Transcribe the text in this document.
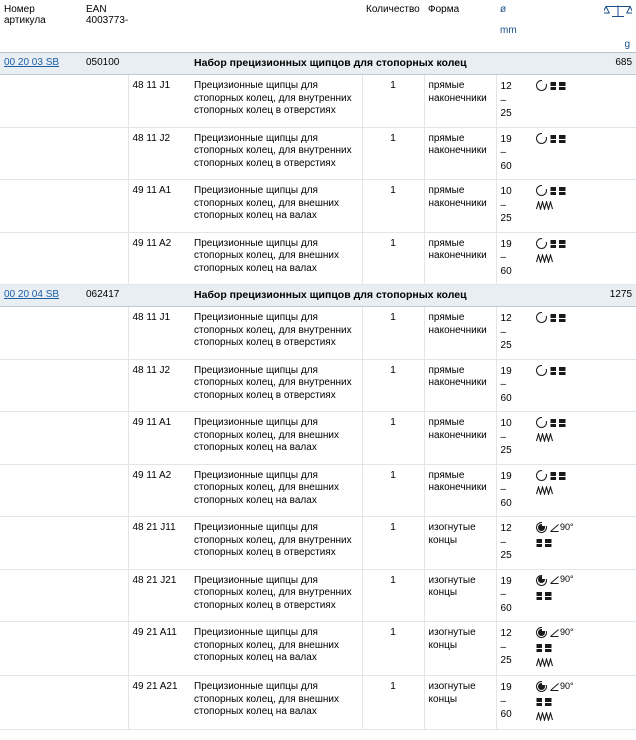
Номер
артикула	EAN
4003773-			Количество	Форма	ø
mm		g

00 20 03 SB	050100		Набор прецизионных щипцов для стопорных колец					685
		48 11 J1	Прецизионные щипцы для стопорных колец, для внутренних стопорных колец в отверстиях	1	прямые наконечники	12
–
25

		48 11 J2	Прецизионные щипцы для стопорных колец, для внутренних стопорных колец в отверстиях	1	прямые наконечники	19
–
60

		49 11 A1	Прецизионные щипцы для стопорных колец, для внешних стопорных колец на валах	1	прямые наконечники	10
–
25

		49 11 A2	Прецизионные щипцы для стопорных колец, для внешних стопорных колец на валах	1	прямые наконечники	19
–
60

00 20 04 SB	062417		Набор прецизионных щипцов для стопорных колец					1275
		48 11 J1	Прецизионные щипцы для стопорных колец, для внутренних стопорных колец в отверстиях	1	прямые наконечники	12
–
25

		48 11 J2	Прецизионные щипцы для стопорных колец, для внутренних стопорных колец в отверстиях	1	прямые наконечники	19
–
60

		49 11 A1	Прецизионные щипцы для стопорных колец, для внешних стопорных колец на валах	1	прямые наконечники	10
–
25

		49 11 A2	Прецизионные щипцы для стопорных колец, для внешних стопорных колец на валах	1	прямые наконечники	19
–
60

		48 21 J11	Прецизионные щипцы для стопорных колец, для внутренних стопорных колец в отверстиях	1	изогнутые концы	12
–
25	90°	

		48 21 J21	Прецизионные щипцы для стопорных колец, для внутренних стопорных колец в отверстиях	1	изогнутые концы	19
–
60	90°	

		49 21 A11	Прецизионные щипцы для стопорных колец, для внешних стопорных колец на валах	1	изогнутые концы	12
–
25	90°	

		49 21 A21	Прецизионные щипцы для стопорных колец, для внешних стопорных колец на валах	1	изогнутые концы	19
–
60	90°	
